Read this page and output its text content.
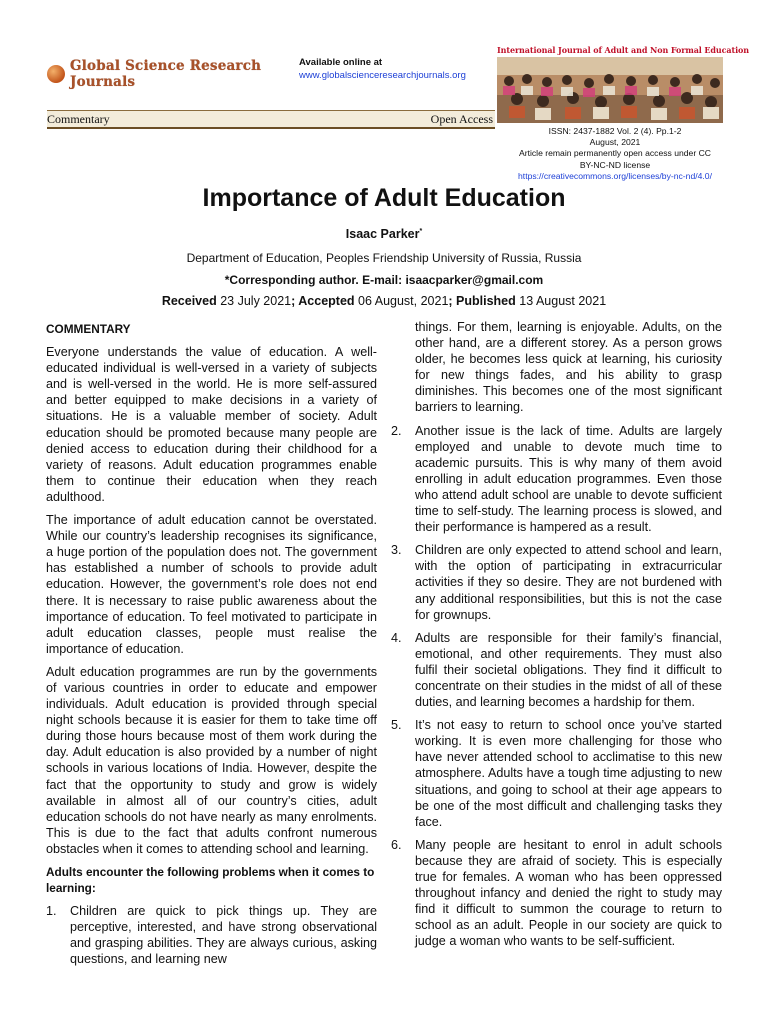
Global Science Research Journals
Available online at
www.globalscienceresearchjournals.org
International Journal of Adult and Non Formal Education
Commentary	Open Access
ISSN: 2437-1882 Vol. 2 (4). Pp.1-2
August, 2021
Article remain permanently open access under CC
BY-NC-ND license
https://creativecommons.org/licenses/by-nc-nd/4.0/
Importance of Adult Education
Isaac Parker*
Department of Education, Peoples Friendship University of Russia, Russia
*Corresponding author. E-mail: isaacparker@gmail.com
Received 23 July 2021; Accepted 06 August, 2021; Published 13 August 2021

COMMENTARY

Everyone understands the value of education. A well-educated individual is well-versed in a variety of subjects and is well-versed in the world. He is more self-assured and better equipped to make decisions in a variety of situations. He is a valuable member of society. Adult education should be promoted because many people are denied access to education during their childhood for a variety of reasons. Adult education programmes enable them to continue their education when they reach adulthood.

The importance of adult education cannot be overstated. While our country’s leadership recognises its significance, a huge portion of the population does not. The government has established a number of schools to provide adult education. However, the government’s role does not end there. It is necessary to raise public awareness about the importance of education. To feel motivated to participate in adult education classes, people must realise the importance of education.

Adult education programmes are run by the governments of various countries in order to educate and empower individuals. Adult education is provided through special night schools because it is easier for them to take time off during those hours because most of them work during the day. Adult education is also provided by a number of night schools in various locations of India. However, despite the fact that the opportunity to study and grow is widely available in almost all of our country’s cities, adult education schools do not have nearly as many enrolments. This is due to the fact that adults confront numerous obstacles when it comes to attending school and learning.

Adults encounter the following problems when it comes to learning:

1.	Children are quick to pick things up. They are perceptive, interested, and have strong observational and grasping abilities. They are always curious, asking questions, and learning new
things. For them, learning is enjoyable. Adults, on the other hand, are a different storey. As a person grows older, he becomes less quick at learning, his curiosity for new things fades, and his ability to grasp diminishes. This becomes one of the most significant barriers to learning.
2.	Another issue is the lack of time. Adults are largely employed and unable to devote much time to academic pursuits. This is why many of them avoid enrolling in adult education programmes. Even those who attend adult school are unable to devote sufficient time to self-study. The learning process is slowed, and their performance is hampered as a result.
3.	Children are only expected to attend school and learn, with the option of participating in extracurricular activities if they so desire. They are not burdened with any additional responsibilities, but this is not the case for grownups.
4.	Adults are responsible for their family’s financial, emotional, and other requirements. They must also fulfil their societal obligations. They find it difficult to concentrate on their studies in the midst of all of these duties, and learning becomes a hardship for them.
5.	It’s not easy to return to school once you’ve started working. It is even more challenging for those who have never attended school to acclimatise to this new atmosphere. Adults have a tough time adjusting to new situations, and going to school at their age appears to be one of the most difficult and challenging tasks they face.
6.	Many people are hesitant to enrol in adult schools because they are afraid of society. This is especially true for females. A woman who has been oppressed throughout infancy and denied the right to study may find it difficult to summon the courage to return to school as an adult. People in our society are quick to judge a woman who wants to be self-sufficient.
